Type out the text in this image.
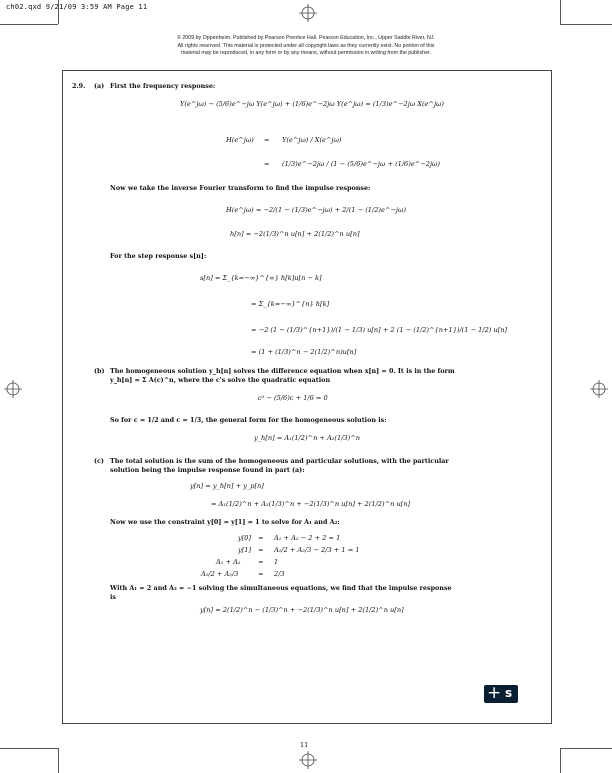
ch02.qxd 9/21/09 3:59 AM Page 11
© 2009 by Oppenheim. Published by Pearson Prentice Hall. Pearson Education, Inc., Upper Saddle River, NJ.
All rights reserved. This material is protected under all copyright laws as they currently exist. No portion of this
material may be reproduced, in any form or by any means, without permission in writing from the publisher.
2.9. (a) First the frequency response:
Y(e^jω) − (5/6)e^−jω Y(e^jω) + (1/6)e^−2jω Y(e^jω) = (1/3)e^−2jω X(e^jω)
H(e^jω) = Y(e^jω) / X(e^jω)
= (1/3)e^−2jω / (1 − (5/6)e^−jω + (1/6)e^−2jω)
Now we take the inverse Fourier transform to find the impulse response:
H(e^jω) = −2/(1 − (1/3)e^−jω) + 2/(1 − (1/2)e^−jω)
h[n] = −2(1/3)^n u[n] + 2(1/2)^n u[n]
For the step response s[n]:
s[n] = Σ_{k=−∞}^{∞} h[k]u[n − k]
= Σ_{k=−∞}^{n} h[k]
= −2 (1 − (1/3)^{n+1})/(1 − 1/3) u[n] + 2 (1 − (1/2)^{n+1})/(1 − 1/2) u[n]
= (1 + (1/3)^n − 2(1/2)^n)u[n]
(b) The homogeneous solution y_h[n] solves the difference equation when x[n] = 0. It is in the form
y_h[n] = Σ A(c)^n, where the c's solve the quadratic equation
c² − (5/6)c + 1/6 = 0
So for c = 1/2 and c = 1/3, the general form for the homogeneous solution is:
y_h[n] = A₁(1/2)^n + A₂(1/3)^n
(c) The total solution is the sum of the homogeneous and particular solutions, with the particular
solution being the impulse response found in part (a):
y[n] = y_h[n] + y_p[n]
= A₁(1/2)^n + A₂(1/3)^n + −2(1/3)^n u[n] + 2(1/2)^n u[n]
Now we use the constraint y[0] = y[1] = 1 to solve for A₁ and A₂:
y[0] = A₁ + A₂ − 2 + 2 = 1
y[1] = A₁/2 + A₂/3 − 2/3 + 1 = 1
A₁ + A₂	= 1
A₁/2 + A₂/3	= 2/3
With A₁ = 2 and A₂ = −1 solving the simultaneous equations, we find that the impulse response
is
y[n] = 2(1/2)^n − (1/3)^n + −2(1/3)^n u[n] + 2(1/2)^n u[n]
+ s
11
